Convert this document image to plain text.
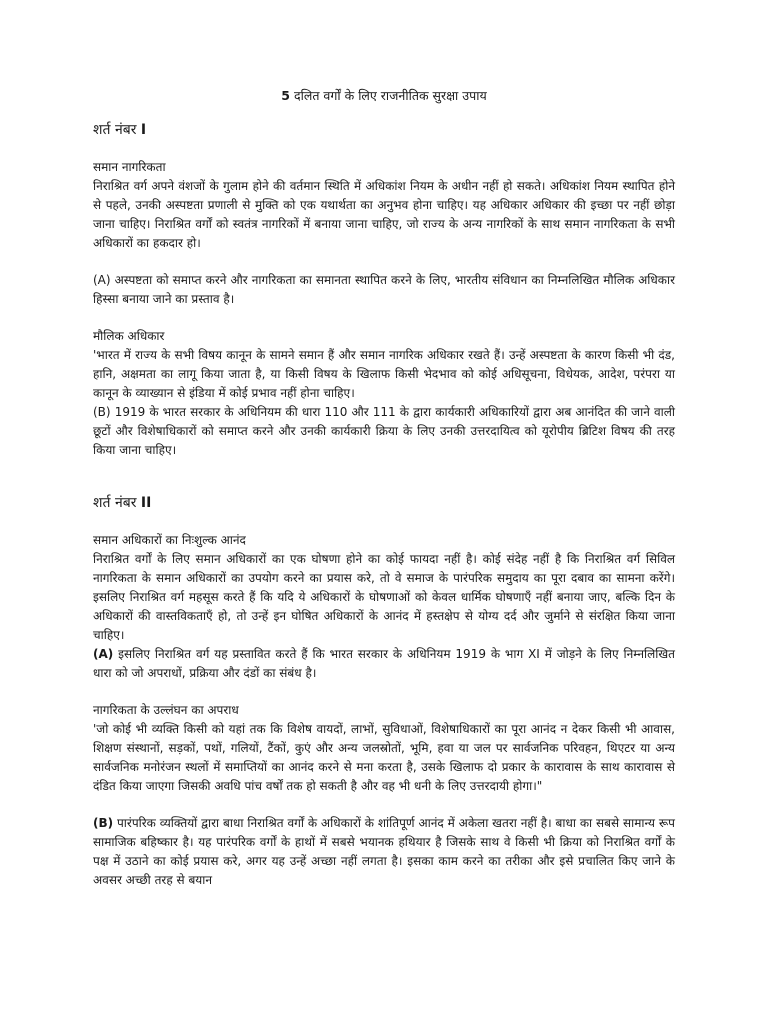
5 दलित वर्गों के लिए राजनीतिक सुरक्षा उपाय

शर्त नंबर I

समान नागरिकता

निराश्रित वर्ग अपने वंशजों के गुलाम होने की वर्तमान स्थिति में अधिकांश नियम के अधीन नहीं हो सकते। अधिकांश नियम स्थापित होने से पहले, उनकी अस्पष्टता प्रणाली से मुक्ति को एक यथार्थता का अनुभव होना चाहिए। यह अधिकार अधिकार की इच्छा पर नहीं छोड़ा जाना चाहिए। निराश्रित वर्गों को स्वतंत्र नागरिकों में बनाया जाना चाहिए, जो राज्य के अन्य नागरिकों के साथ समान नागरिकता के सभी अधिकारों का हकदार हो।

(A) अस्पष्टता को समाप्त करने और नागरिकता का समानता स्थापित करने के लिए, भारतीय संविधान का निम्नलिखित मौलिक अधिकार हिस्सा बनाया जाने का प्रस्ताव है।

मौलिक अधिकार

'भारत में राज्य के सभी विषय कानून के सामने समान हैं और समान नागरिक अधिकार रखते हैं। उन्हें अस्पष्टता के कारण किसी भी दंड, हानि, अक्षमता का लागू किया जाता है, या किसी विषय के खिलाफ किसी भेदभाव को कोई अधिसूचना, विधेयक, आदेश, परंपरा या कानून के व्याख्यान से इंडिया में कोई प्रभाव नहीं होना चाहिए।

(B) 1919 के भारत सरकार के अधिनियम की धारा 110 और 111 के द्वारा कार्यकारी अधिकारियों द्वारा अब आनंदित की जाने वाली छूटों और विशेषाधिकारों को समाप्त करने और उनकी कार्यकारी क्रिया के लिए उनकी उत्तरदायित्व को यूरोपीय ब्रिटिश विषय की तरह किया जाना चाहिए।

शर्त नंबर II

समान अधिकारों का निःशुल्क आनंद

निराश्रित वर्गों के लिए समान अधिकारों का एक घोषणा होने का कोई फायदा नहीं है। कोई संदेह नहीं है कि निराश्रित वर्ग सिविल नागरिकता के समान अधिकारों का उपयोग करने का प्रयास करे, तो वे समाज के पारंपरिक समुदाय का पूरा दबाव का सामना करेंगे। इसलिए निराश्रित वर्ग महसूस करते हैं कि यदि ये अधिकारों के घोषणाओं को केवल धार्मिक घोषणाएँ नहीं बनाया जाए, बल्कि दिन के अधिकारों की वास्तविकताएँ हो, तो उन्हें इन घोषित अधिकारों के आनंद में हस्तक्षेप से योग्य दर्द और जुर्माने से संरक्षित किया जाना चाहिए।

(A) इसलिए निराश्रित वर्ग यह प्रस्तावित करते हैं कि भारत सरकार के अधिनियम 1919 के भाग XI में जोड़ने के लिए निम्नलिखित धारा को जो अपराधों, प्रक्रिया और दंडों का संबंध है।

नागरिकता के उल्लंघन का अपराध

'जो कोई भी व्यक्ति किसी को यहां तक कि विशेष वायदों, लाभों, सुविधाओं, विशेषाधिकारों का पूरा आनंद न देकर किसी भी आवास, शिक्षण संस्थानों, सड़कों, पथों, गलियों, टैंकों, कुएं और अन्य जलस्रोतों, भूमि, हवा या जल पर सार्वजनिक परिवहन, थिएटर या अन्य सार्वजनिक मनोरंजन स्थलों में समाप्तियों का आनंद करने से मना करता है, उसके खिलाफ दो प्रकार के कारावास के साथ कारावास से दंडित किया जाएगा जिसकी अवधि पांच वर्षों तक हो सकती है और वह भी धनी के लिए उत्तरदायी होगा।"

(B) पारंपरिक व्यक्तियों द्वारा बाधा निराश्रित वर्गों के अधिकारों के शांतिपूर्ण आनंद में अकेला खतरा नहीं है। बाधा का सबसे सामान्य रूप सामाजिक बहिष्कार है। यह पारंपरिक वर्गों के हाथों में सबसे भयानक हथियार है जिसके साथ वे किसी भी क्रिया को निराश्रित वर्गों के पक्ष में उठाने का कोई प्रयास करे, अगर यह उन्हें अच्छा नहीं लगता है। इसका काम करने का तरीका और इसे प्रचालित किए जाने के अवसर अच्छी तरह से बयान
